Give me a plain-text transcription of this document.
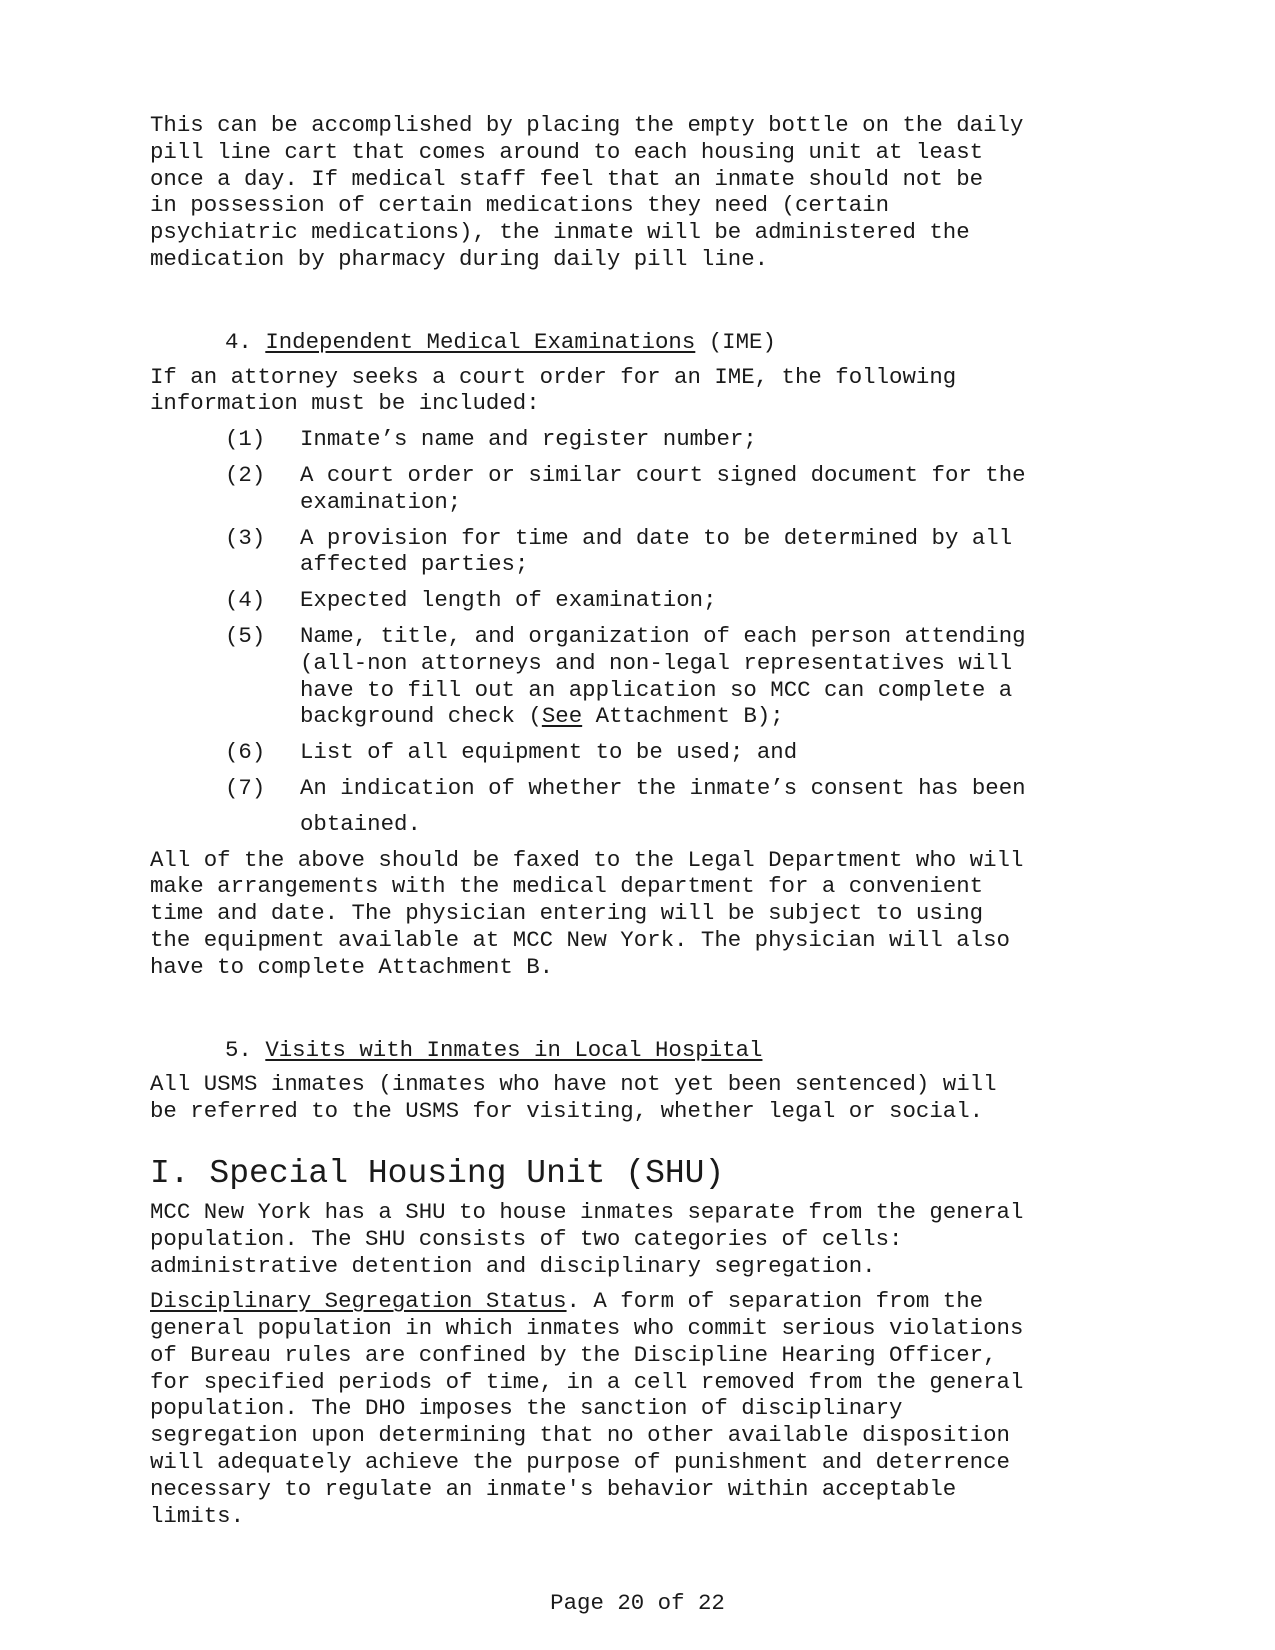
This can be accomplished by placing the empty bottle on the daily
pill line cart that comes around to each housing unit at least
once a day. If medical staff feel that an inmate should not be
in possession of certain medications they need (certain
psychiatric medications), the inmate will be administered the
medication by pharmacy during daily pill line.

4. Independent Medical Examinations (IME)

If an attorney seeks a court order for an IME, the following
information must be included:

(1)	Inmate’s name and register number;
(2)	A court order or similar court signed document for the
examination;
(3)	A provision for time and date to be determined by all
affected parties;
(4)	Expected length of examination;
(5)	Name, title, and organization of each person attending
(all-non attorneys and non-legal representatives will
have to fill out an application so MCC can complete a
background check (See Attachment B);
(6)	List of all equipment to be used; and
(7)	An indication of whether the inmate’s consent has been
obtained.

All of the above should be faxed to the Legal Department who will
make arrangements with the medical department for a convenient
time and date. The physician entering will be subject to using
the equipment available at MCC New York. The physician will also
have to complete Attachment B.

5. Visits with Inmates in Local Hospital

All USMS inmates (inmates who have not yet been sentenced) will
be referred to the USMS for visiting, whether legal or social.

I. Special Housing Unit (SHU)

MCC New York has a SHU to house inmates separate from the general
population. The SHU consists of two categories of cells:
administrative detention and disciplinary segregation.

Disciplinary Segregation Status. A form of separation from the
general population in which inmates who commit serious violations
of Bureau rules are confined by the Discipline Hearing Officer,
for specified periods of time, in a cell removed from the general
population. The DHO imposes the sanction of disciplinary
segregation upon determining that no other available disposition
will adequately achieve the purpose of punishment and deterrence
necessary to regulate an inmate's behavior within acceptable
limits.

Page 20 of 22
